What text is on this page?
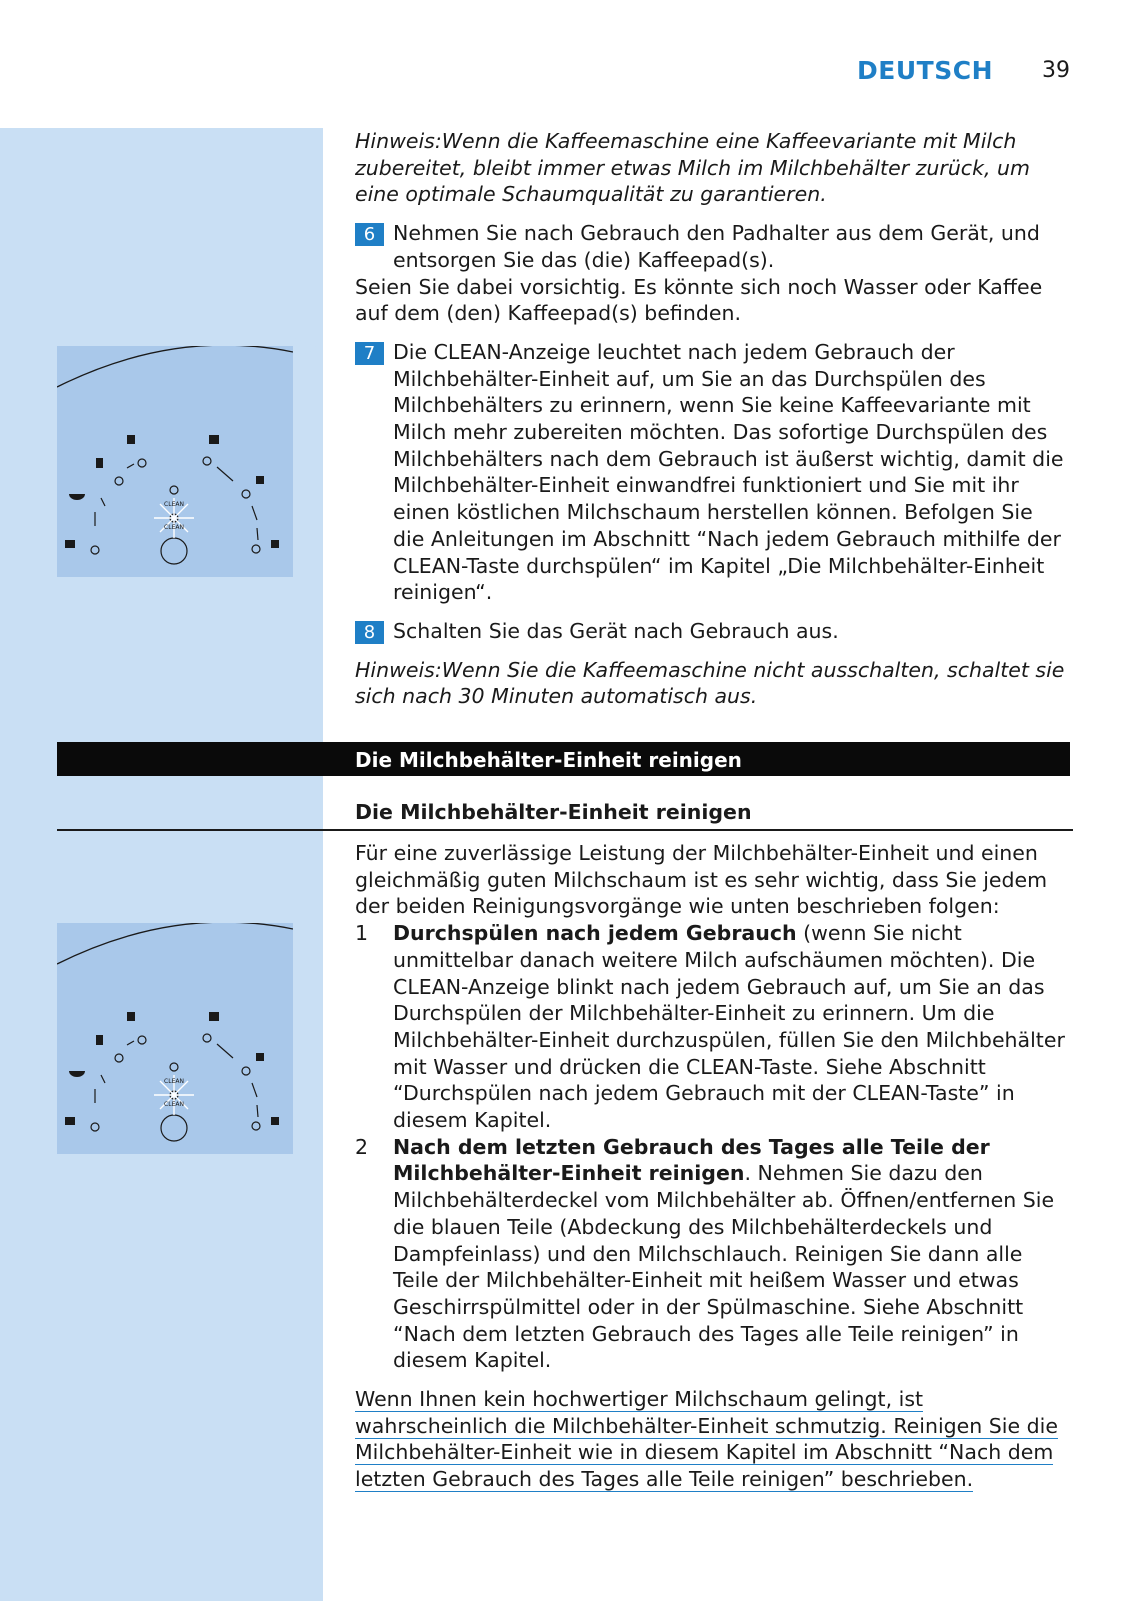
DEUTSCH 39
CLEAN
CLEAN
CLEAN
CLEAN

Hinweis:Wenn die Kaffeemaschine eine Kaffeevariante mit Milch zubereitet, bleibt immer etwas Milch im Milchbehälter zurück, um eine optimale Schaumqualität zu garantieren.

6 Nehmen Sie nach Gebrauch den Padhalter aus dem Gerät, und entsorgen Sie das (die) Kaffeepad(s).

Seien Sie dabei vorsichtig. Es könnte sich noch Wasser oder Kaffee auf dem (den) Kaffeepad(s) befinden.

7 Die CLEAN-Anzeige leuchtet nach jedem Gebrauch der Milchbehälter-Einheit auf, um Sie an das Durchspülen des Milchbehälters zu erinnern, wenn Sie keine Kaffeevariante mit Milch mehr zubereiten möchten. Das sofortige Durchspülen des Milchbehälters nach dem Gebrauch ist äußerst wichtig, damit die Milchbehälter-Einheit einwandfrei funktioniert und Sie mit ihr einen köstlichen Milchschaum herstellen können. Befolgen Sie die Anleitungen im Abschnitt “Nach jedem Gebrauch mithilfe der CLEAN-Taste durchspülen“ im Kapitel „Die Milchbehälter-Einheit reinigen“.

8 Schalten Sie das Gerät nach Gebrauch aus.

Hinweis:Wenn Sie die Kaffeemaschine nicht ausschalten, schaltet sie sich nach 30 Minuten automatisch aus.

Die Milchbehälter-Einheit reinigen
Die Milchbehälter-Einheit reinigen

Für eine zuverlässige Leistung der Milchbehälter-Einheit und einen gleichmäßig guten Milchschaum ist es sehr wichtig, dass Sie jedem der beiden Reinigungsvorgänge wie unten beschrieben folgen:

1 Durchspülen nach jedem Gebrauch (wenn Sie nicht unmittelbar danach weitere Milch aufschäumen möchten). Die CLEAN-Anzeige blinkt nach jedem Gebrauch auf, um Sie an das Durchspülen der Milchbehälter-Einheit zu erinnern. Um die Milchbehälter-Einheit durchzuspülen, füllen Sie den Milchbehälter mit Wasser und drücken die CLEAN-Taste. Siehe Abschnitt “Durchspülen nach jedem Gebrauch mit der CLEAN-Taste” in diesem Kapitel.

2 Nach dem letzten Gebrauch des Tages alle Teile der Milchbehälter-Einheit reinigen. Nehmen Sie dazu den Milchbehälterdeckel vom Milchbehälter ab. Öffnen/entfernen Sie die blauen Teile (Abdeckung des Milchbehälterdeckels und Dampfeinlass) und den Milchschlauch. Reinigen Sie dann alle Teile der Milchbehälter-Einheit mit heißem Wasser und etwas Geschirrspülmittel oder in der Spülmaschine. Siehe Abschnitt “Nach dem letzten Gebrauch des Tages alle Teile reinigen” in diesem Kapitel.

Wenn Ihnen kein hochwertiger Milchschaum gelingt, ist wahrscheinlich die Milchbehälter-Einheit schmutzig. Reinigen Sie die Milchbehälter-Einheit wie in diesem Kapitel im Abschnitt “Nach dem letzten Gebrauch des Tages alle Teile reinigen” beschrieben.
